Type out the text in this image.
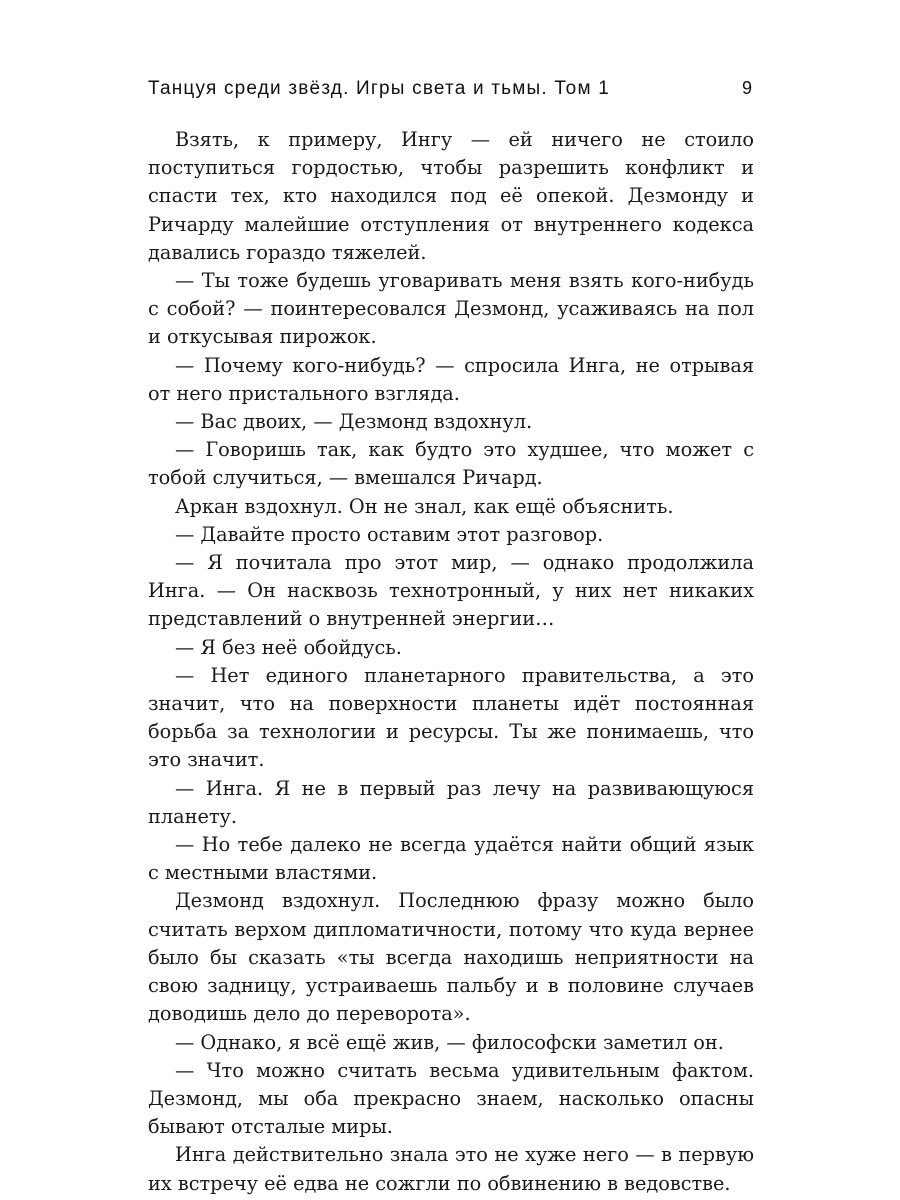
Танцуя среди звёзд. Игры света и тьмы. Том 1	9

Взять, к примеру, Ингу — ей ничего не стоило поступиться гордостью, чтобы разрешить конфликт и спасти тех, кто находился под её опекой. Дезмонду и Ричарду малейшие отступления от внутреннего кодекса давались гораздо тяжелей.

— Ты тоже будешь уговаривать меня взять кого-нибудь с собой? — поинтересовался Дезмонд, усаживаясь на пол и откусывая пирожок.

— Почему кого-нибудь? — спросила Инга, не отрывая от него пристального взгляда.

— Вас двоих, — Дезмонд вздохнул.

— Говоришь так, как будто это худшее, что может с тобой случиться, — вмешался Ричард.

Аркан вздохнул. Он не знал, как ещё объяснить.

— Давайте просто оставим этот разговор.

— Я почитала про этот мир, — однако продолжила Инга. — Он насквозь технотронный, у них нет никаких представлений о внутренней энергии…

— Я без неё обойдусь.

— Нет единого планетарного правительства, а это значит, что на поверхности планеты идёт постоянная борьба за технологии и ресурсы. Ты же понимаешь, что это значит.

— Инга. Я не в первый раз лечу на развивающуюся планету.

— Но тебе далеко не всегда удаётся найти общий язык с местными властями.

Дезмонд вздохнул. Последнюю фразу можно было считать верхом дипломатичности, потому что куда вернее было бы сказать «ты всегда находишь неприятности на свою задницу, устраиваешь пальбу и в половине случаев доводишь дело до переворота».

— Однако, я всё ещё жив, — философски заметил он.

— Что можно считать весьма удивительным фактом. Дезмонд, мы оба прекрасно знаем, насколько опасны бывают отсталые миры.

Инга действительно знала это не хуже него — в первую их встречу её едва не сожгли по обвинению в ведовстве.
